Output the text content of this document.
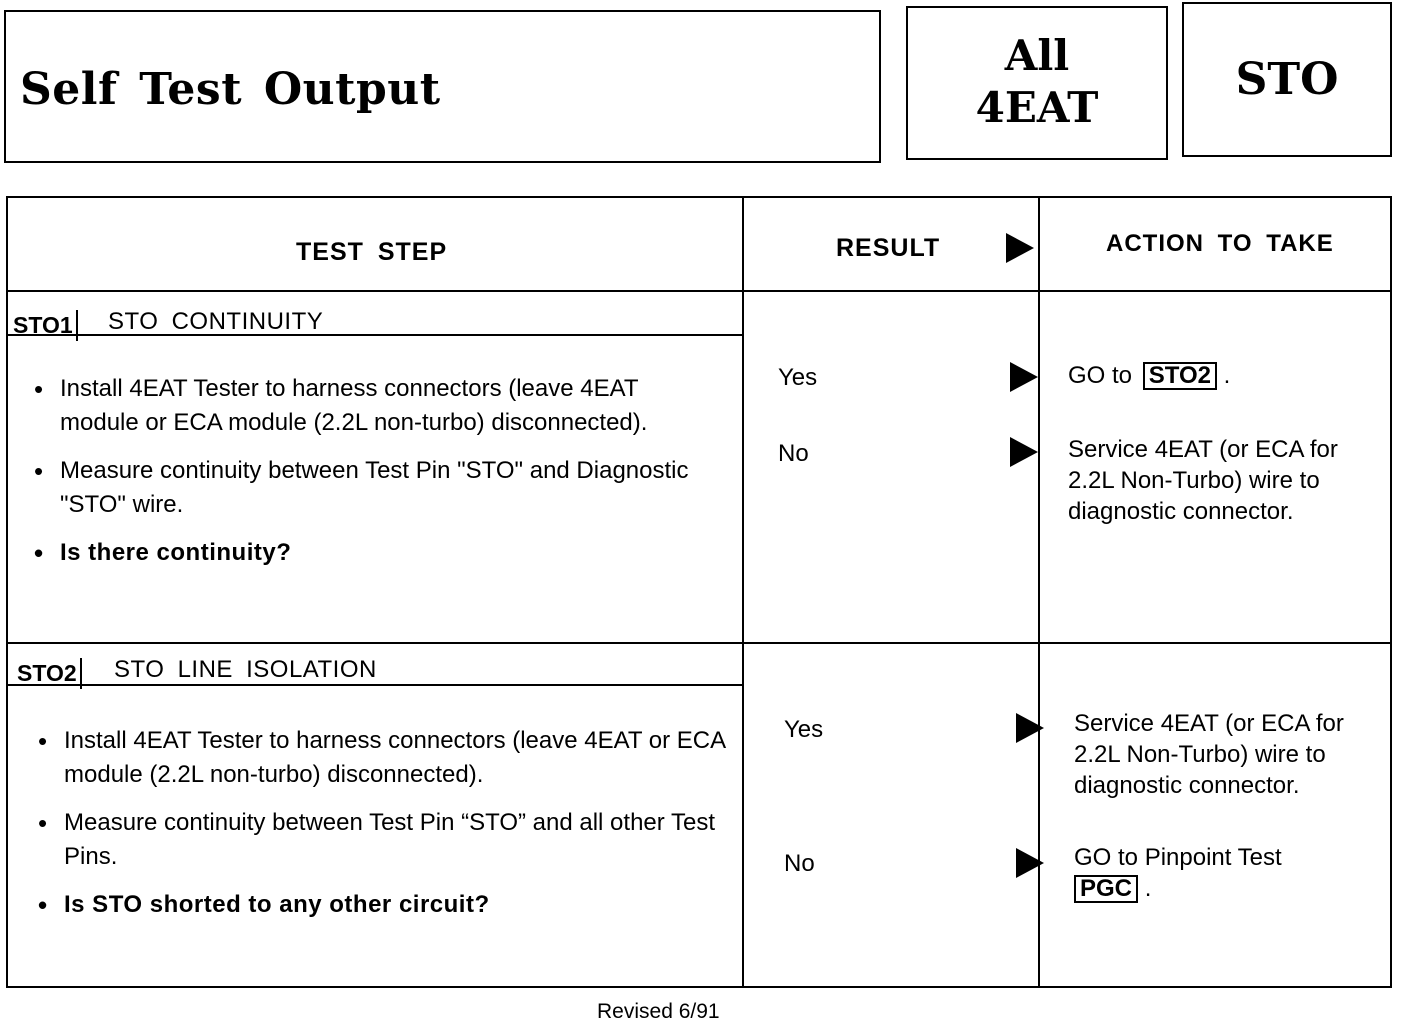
Self Test Output
All
4EAT
STO
TEST STEP	RESULT	ACTION TO TAKE
STO1 STO CONTINUITY
• Install 4EAT Tester to harness connectors (leave 4EAT module or ECA module (2.2L non-turbo) disconnected).
• Measure continuity between Test Pin "STO" and Diagnostic "STO" wire.
• Is there continuity?
Yes	GO to STO2 .
No	Service 4EAT (or ECA for 2.2L Non-Turbo) wire to diagnostic connector.
STO2 STO LINE ISOLATION
• Install 4EAT Tester to harness connectors (leave 4EAT or ECA module (2.2L non-turbo) disconnected).
• Measure continuity between Test Pin “STO” and all other Test Pins.
• Is STO shorted to any other circuit?
Yes	Service 4EAT (or ECA for 2.2L Non-Turbo) wire to diagnostic connector.
No	GO to Pinpoint Test
PGC .
Revised 6/91
